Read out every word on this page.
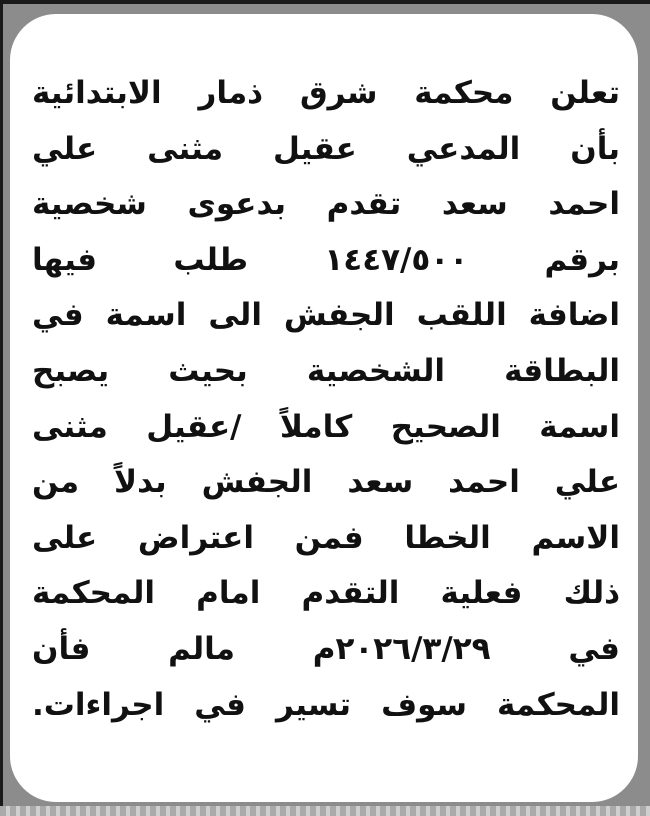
تعلن محكمة شرق ذمار الابتدائية
بأن المدعي عقيل مثنى علي
احمد سعد تقدم بدعوى شخصية
برقم ١٤٤٧/٥٠٠ طلب فيها
اضافة اللقب الجفش الى اسمة في
البطاقة الشخصية بحيث يصبح
اسمة الصحيح كاملاً /عقيل مثنى
علي احمد سعد الجفش بدلاً من
الاسم الخطا فمن اعتراض على
ذلك فعلية التقدم امام المحكمة
في ٢٠٢٦/٣/٢٩م مالم فأن
المحكمة سوف تسير في اجراءات.
